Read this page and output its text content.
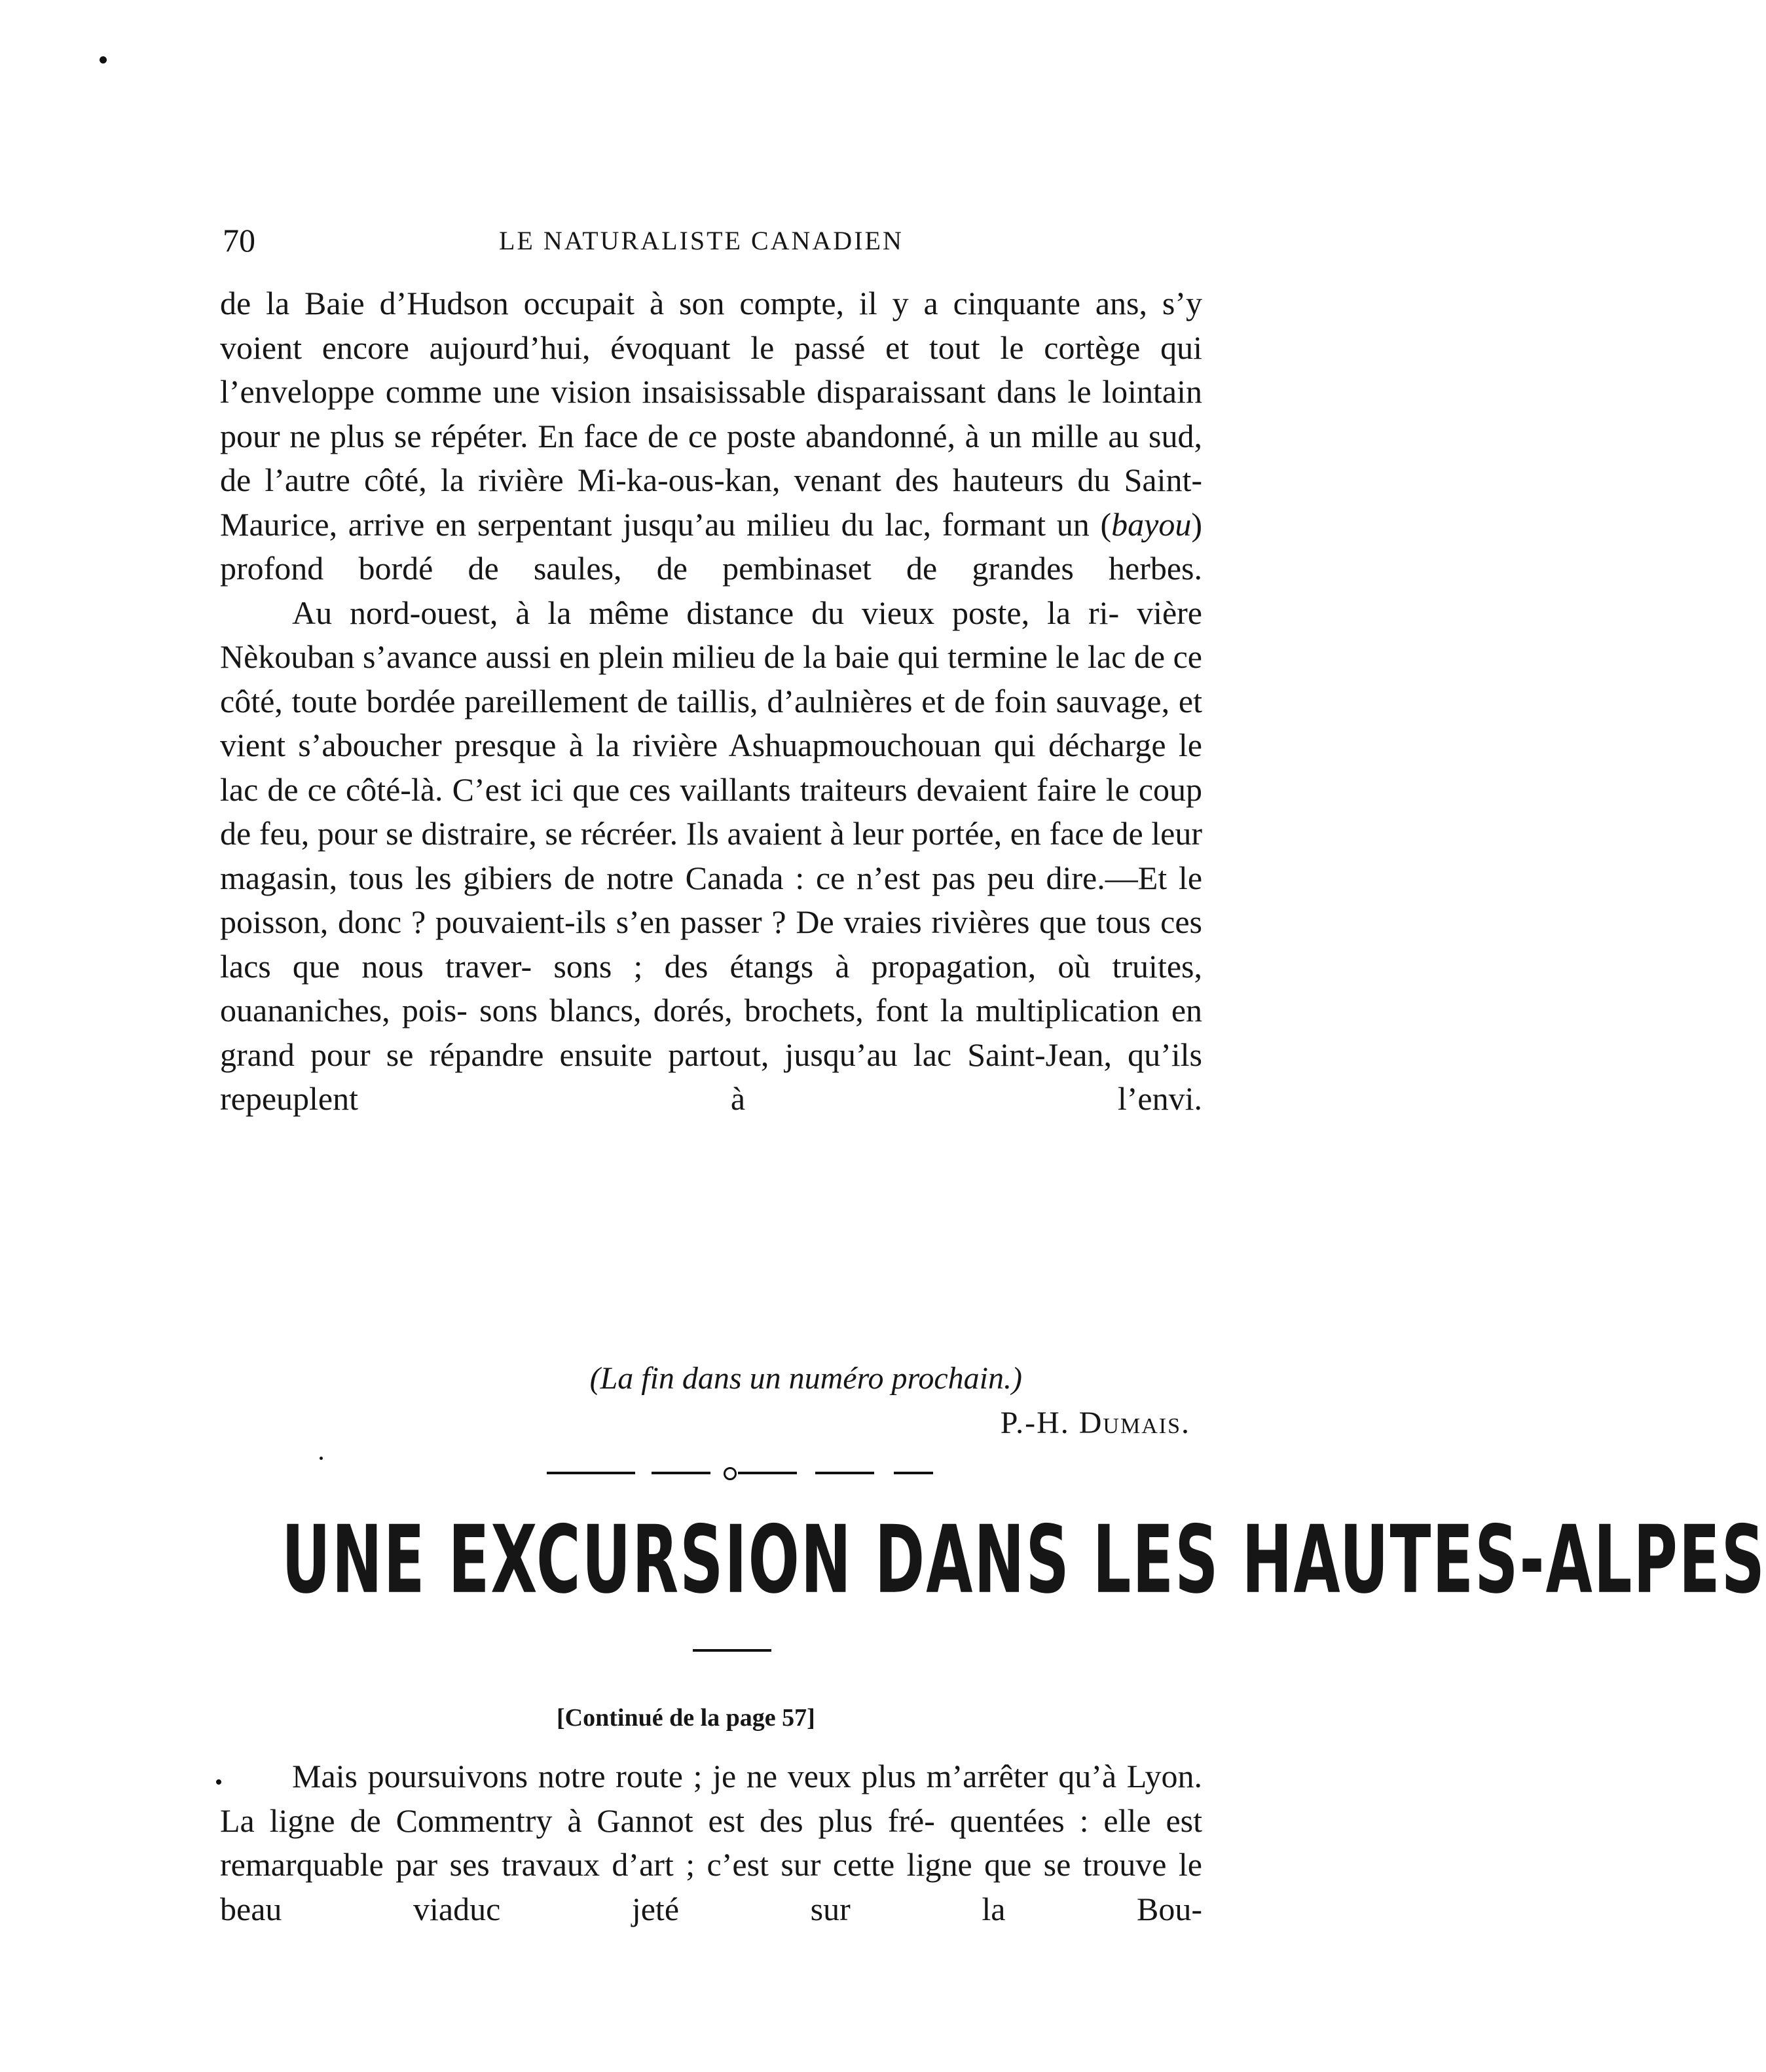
70	LE NATURALISTE CANADIEN

de la Baie d’Hudson occupait à son compte, il y a cinquante ans, s’y voient encore aujourd’hui, évoquant le passé et tout le cortège qui l’enveloppe comme une vision insaisissable disparaissant dans le lointain pour ne plus se répéter. En face de ce poste abandonné, à un mille au sud, de l’autre côté, la rivière Mi-ka-ous-kan, venant des hauteurs du Saint-Maurice, arrive en serpentant jusqu’au milieu du lac, formant un (bayou) profond bordé de saules, de pembinaset de grandes herbes.

Au nord-ouest, à la même distance du vieux poste, la ri- vière Nèkouban s’avance aussi en plein milieu de la baie qui termine le lac de ce côté, toute bordée pareillement de taillis, d’aulnières et de foin sauvage, et vient s’aboucher presque à la rivière Ashuapmouchouan qui décharge le lac de ce côté-là. C’est ici que ces vaillants traiteurs devaient faire le coup de feu, pour se distraire, se récréer. Ils avaient à leur portée, en face de leur magasin, tous les gibiers de notre Canada : ce n’est pas peu dire.—Et le poisson, donc ? pouvaient-ils s’en passer ? De vraies rivières que tous ces lacs que nous traver- sons ; des étangs à propagation, où truites, ouananiches, pois- sons blancs, dorés, brochets, font la multiplication en grand pour se répandre ensuite partout, jusqu’au lac Saint-Jean, qu’ils repeuplent à l’envi.

(La fin dans un numéro prochain.)
P.-H. Dumais.
UNE EXCURSION DANS LES HAUTES-ALPES
[Continué de la page 57]

Mais poursuivons notre route ; je ne veux plus m’arrêter qu’à Lyon. La ligne de Commentry à Gannot est des plus fré- quentées : elle est remarquable par ses travaux d’art ; c’est sur cette ligne que se trouve le beau viaduc jeté sur la Bou-
